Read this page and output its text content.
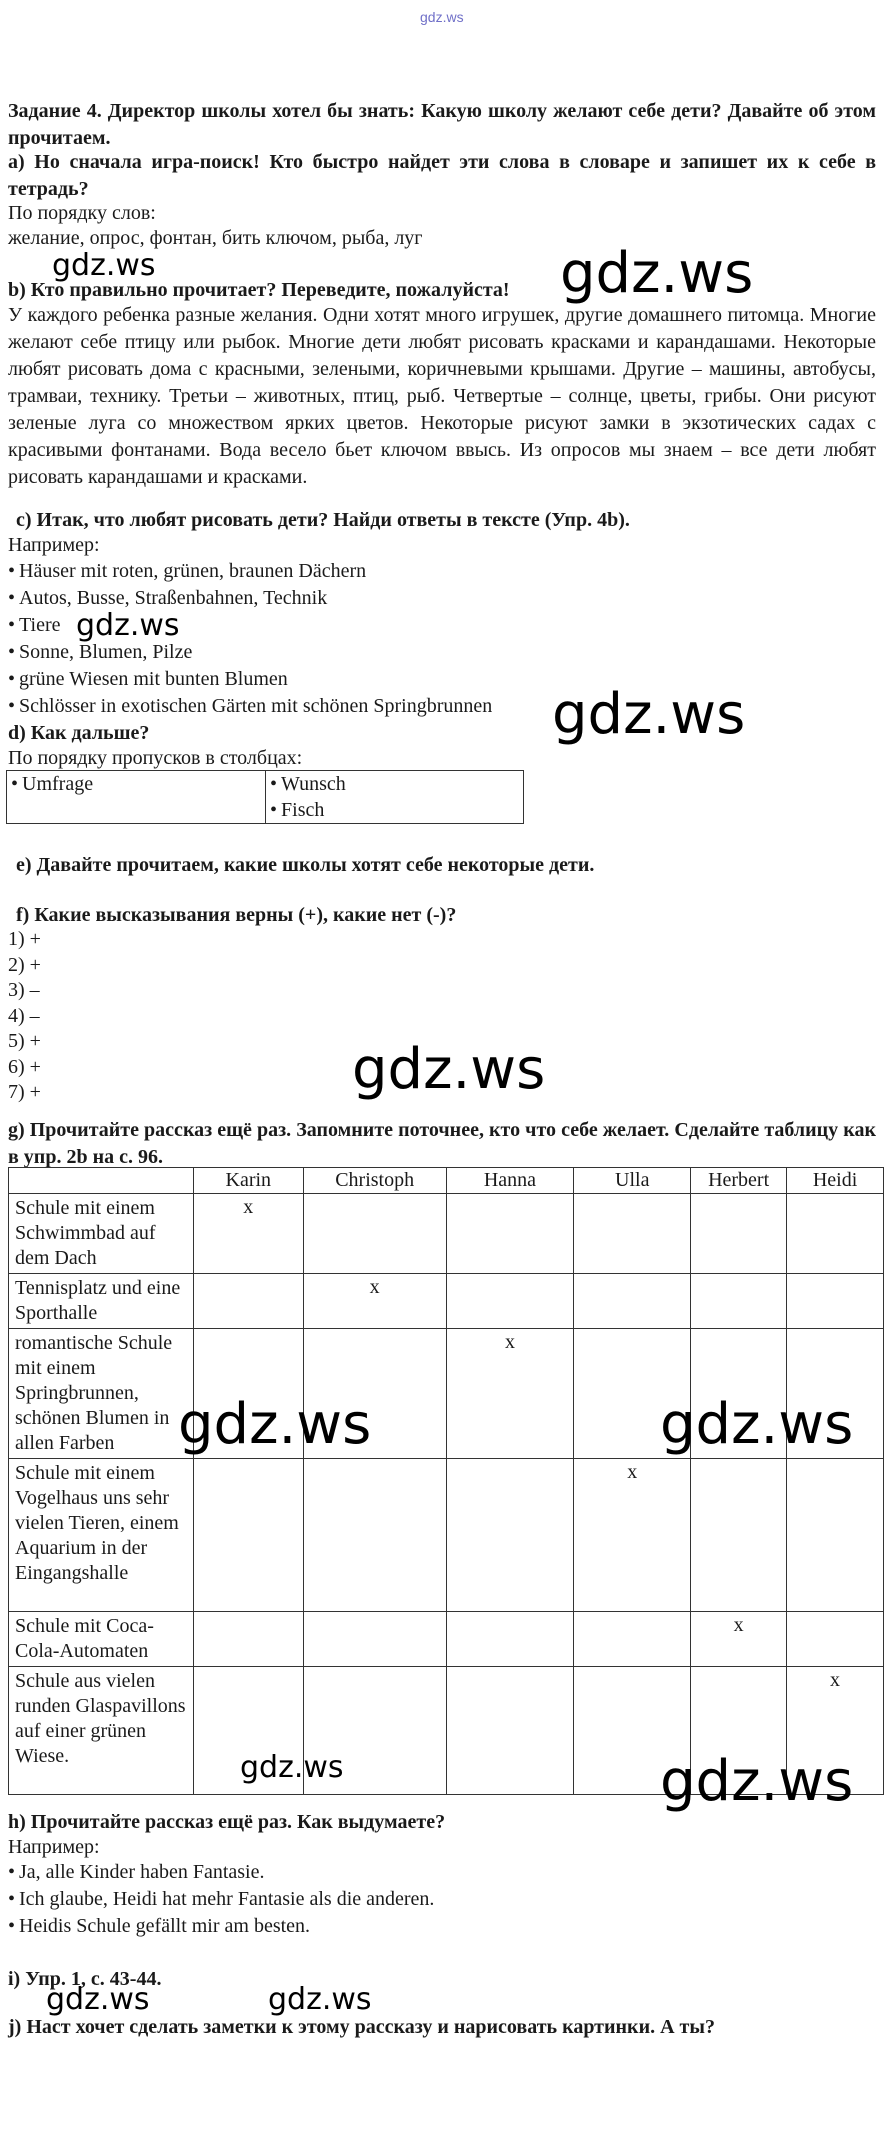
gdz.ws

Задание 4. Директор школы хотел бы знать: Какую школу желают себе дети? Давайте об этом прочитаем.

a) Но сначала игра-поиск! Кто быстро найдет эти слова в словаре и запишет их к себе в тетрадь?

По порядку слов:

желание, опрос, фонтан, бить ключом, рыба, луг

b) Кто правильно прочитает? Переведите, пожалуйста!

У каждого ребенка разные желания. Одни хотят много игрушек, другие домашнего питомца. Многие желают себе птицу или рыбок. Многие дети любят рисовать красками и карандашами. Некоторые любят рисовать дома с красными, зелеными, коричневыми крышами. Другие – машины, автобусы, трамваи, технику. Третьи – животных, птиц, рыб. Четвертые – солнце, цветы, грибы. Они рисуют зеленые луга со множеством ярких цветов. Некоторые рисуют замки в экзотических садах с красивыми фонтанами. Вода весело бьет ключом ввысь. Из опросов мы знаем – все дети любят рисовать карандашами и красками.

c) Итак, что любят рисовать дети? Найди ответы в тексте (Упр. 4b).

Например:

• Häuser mit roten, grünen, braunen Dächern

• Autos, Busse, Straßenbahnen, Technik

• Tiere

• Sonne, Blumen, Pilze

• grüne Wiesen mit bunten Blumen

• Schlösser in exotischen Gärten mit schönen Springbrunnen

d) Как дальше?

По порядку пропусков в столбцах:

• Umfrage

•Wunsch
• Fisch

e) Давайте прочитаем, какие школы хотят себе некоторые дети.

f) Какие высказывания верны (+), какие нет (-)?

1) +

2) +

3) –

4) –

5) +

6) +

7) +

g) Прочитайте рассказ ещё раз. Запомните поточнее, кто что себе желает. Сделайте таблицу как в упр. 2b на с. 96.

	Karin	Christoph	Hanna	Ulla	Herbert	Heidi
Schule mit einem Schwimmbad auf dem Dach	x					
Tennisplatz und eine Sporthalle		x				
romantische Schule mit einem Springbrunnen, schönen Blumen in allen Farben			x			
Schule mit einem Vogelhaus uns sehr vielen Tieren, einem Aquarium in der Eingangshalle				x		
Schule mit Coca-Cola-Automaten					x	
Schule aus vielen runden Glaspavillons auf einer grünen Wiese.						x

h) Прочитайте рассказ ещё раз. Как выдумаете?

Например:

• Ja, alle Kinder haben Fantasie.

• Ich glaube, Heidi hat mehr Fantasie als die anderen.

• Heidis Schule gefällt mir am besten.

i) Упр. 1, с. 43-44.

j) Наст хочет сделать заметки к этому рассказу и нарисовать картинки. А ты?

gdz.ws	gdz.ws
gdz.ws
gdz.ws
gdz.ws
gdz.ws	gdz.ws
gdz.ws	gdz.ws
gdz.ws	gdz.ws
